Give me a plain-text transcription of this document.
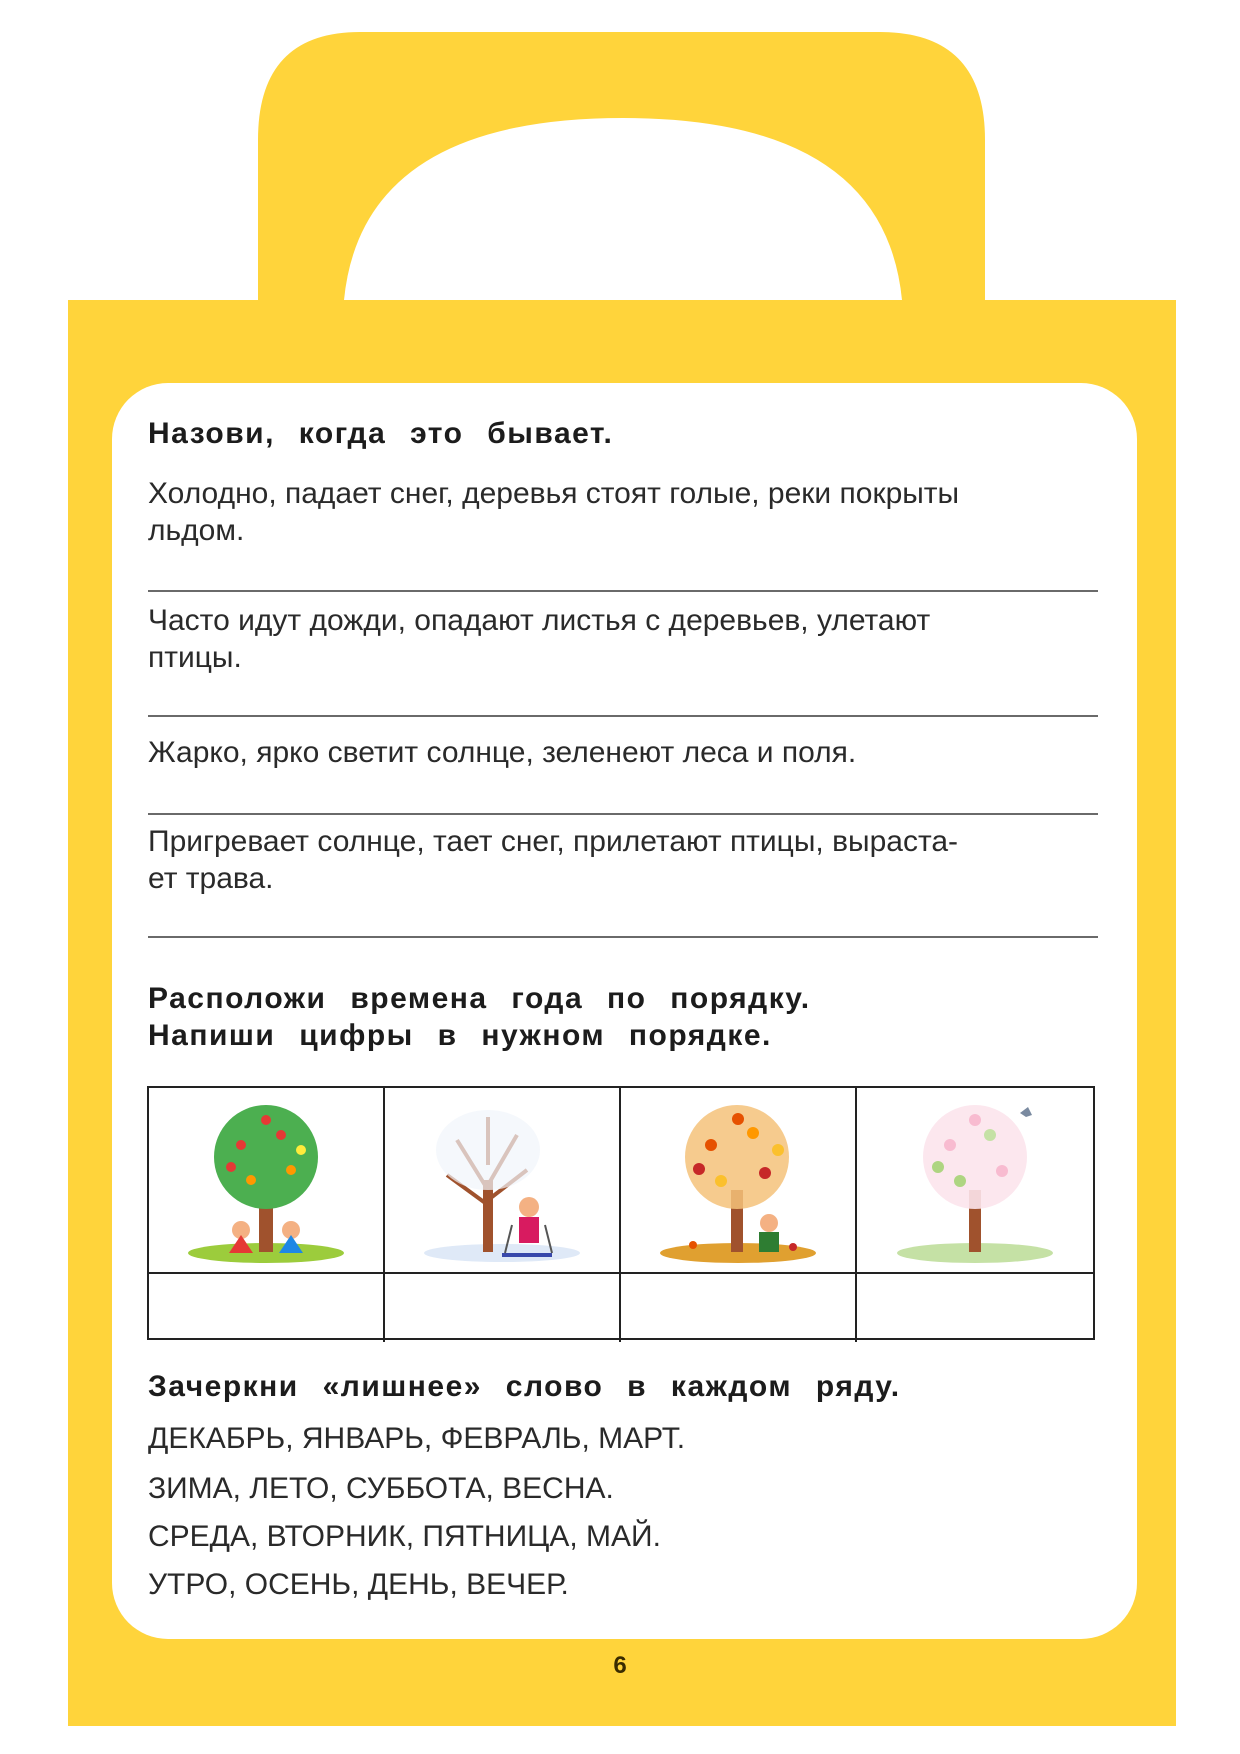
Назови, когда это бывает.
Холодно, падает снег, деревья стоят голые, реки покрыты
льдом.
Часто идут дожди, опадают листья с деревьев, улетают
птицы.
Жарко, ярко светит солнце, зеленеют леса и поля.
Пригревает солнце, тает снег, прилетают птицы, выраста-
ет трава.
Расположи времена года по порядку.
Напиши цифры в нужном порядке.
Зачеркни «лишнее» слово в каждом ряду.
ДЕКАБРЬ, ЯНВАРЬ, ФЕВРАЛЬ, МАРТ.
ЗИМА, ЛЕТО, СУББОТА, ВЕСНА.
СРЕДА, ВТОРНИК, ПЯТНИЦА, МАЙ.
УТРО, ОСЕНЬ, ДЕНЬ, ВЕЧЕР.
6
